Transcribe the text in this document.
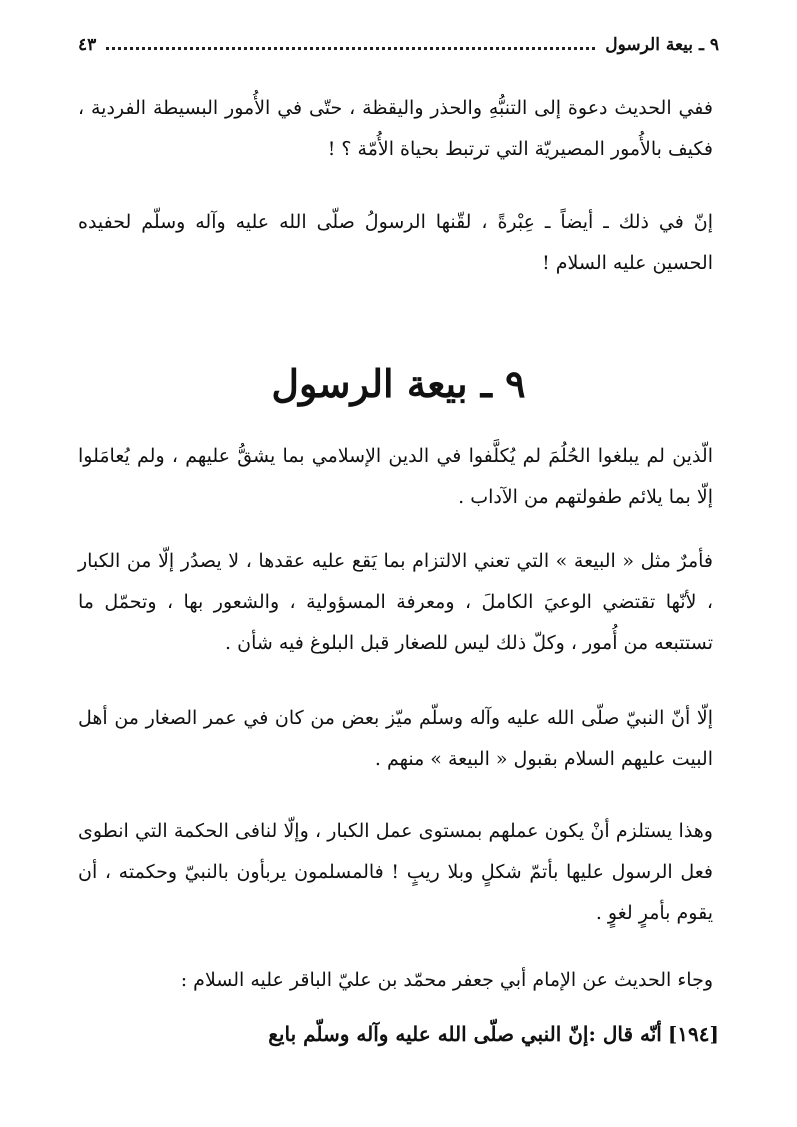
٩ ـ بيعة الرسول
٤٣

ففي الحديث دعوة إلى التنبُّهِ والحذر واليقظة ، حتّى في الأُمور البسيطة الفردية ، فكيف بالأُمور المصيريّة التي ترتبط بحياة الأُمّة ؟ !

إنّ في ذلك ـ أيضاً ـ عِبْرةً ، لقّنها الرسولُ صلّى الله عليه وآله وسلّم لحفيده الحسين عليه السلام !

٩ ـ بيعة الرسول

الّذين لم يبلغوا الحُلُمَ لم يُكلَّفوا في الدين الإسلامي بما يشقُّ عليهم ، ولم يُعامَلوا إلّا بما يلائم طفولتهم من الآداب .

فأمرٌ مثل « البيعة » التي تعني الالتزام بما يَقع عليه عقدها ، لا يصدُر إلّا من الكبار ، لأنّها تقتضي الوعيَ الكاملَ ، ومعرفة المسؤولية ، والشعور بها ، وتحمّل ما تستتبعه من أُمور ، وكلّ ذلك ليس للصغار قبل البلوغ فيه شأن .

إلّا أنّ النبيّ صلّى الله عليه وآله وسلّم ميّز بعض من كان في عمر الصغار من أهل البيت عليهم السلام بقبول « البيعة » منهم .

وهذا يستلزم أنْ يكون عملهم بمستوى عمل الكبار ، وإلّا لنافى الحكمة التي انطوى فعل الرسول عليها بأتمّ شكلٍ وبلا ريبٍ ! فالمسلمون يربأون بالنبيّ وحكمته ، أن يقوم بأمرٍ لغوٍ .

وجاء الحديث عن الإمام أبي جعفر محمّد بن عليّ الباقر عليه السلام :

[١٩٤]أنّه قال :إنّ النبي صلّى الله عليه وآله وسلّم بايع
